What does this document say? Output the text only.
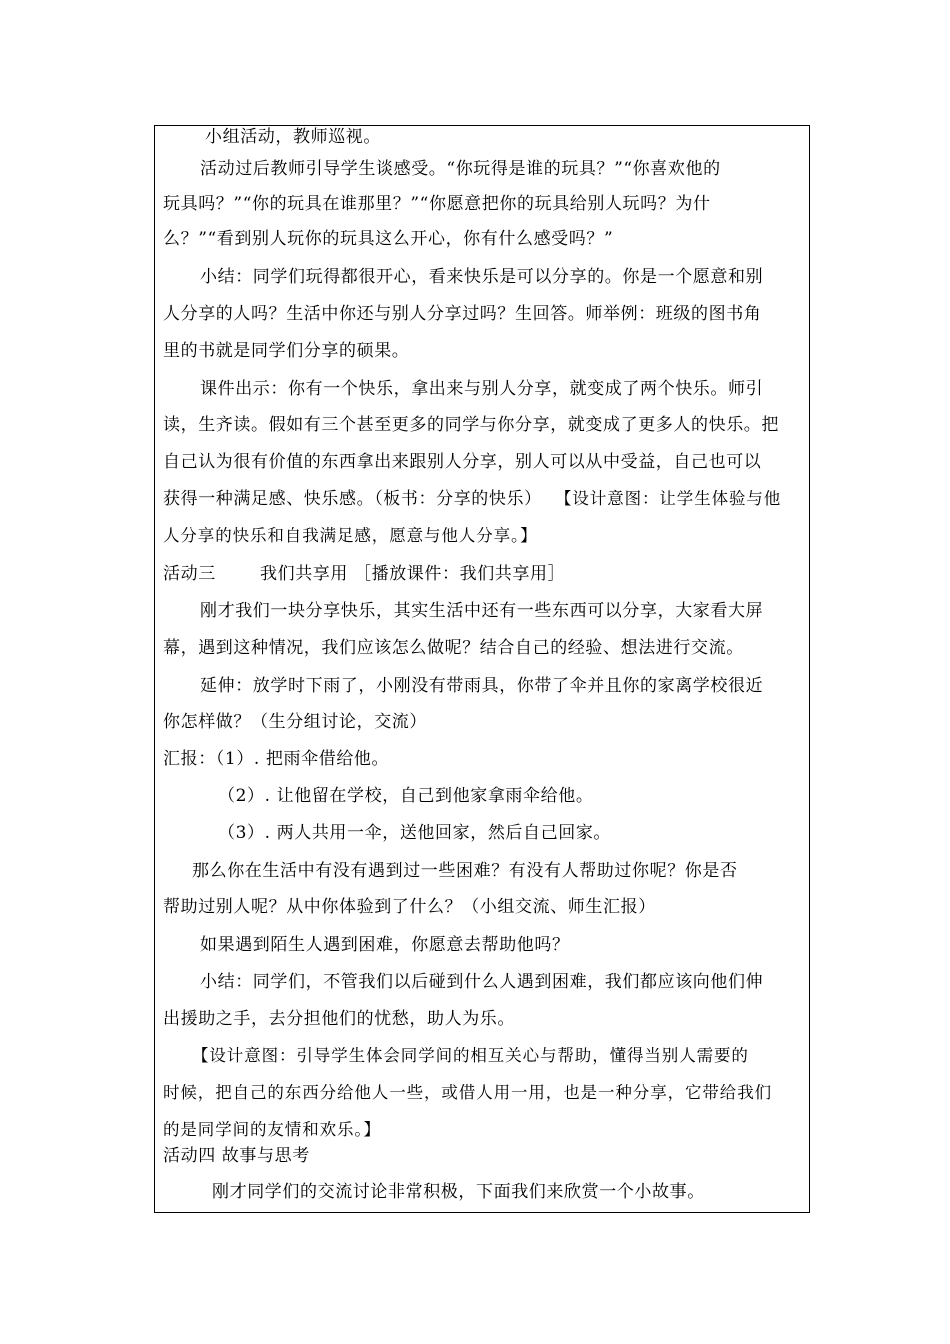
小组活动，教师巡视。
活动过后教师引导学生谈感受。“你玩得是谁的玩具？”“你喜欢他的
玩具吗？”“你的玩具在谁那里？”“你愿意把你的玩具给别人玩吗？为什
么？”“看到别人玩你的玩具这么开心，你有什么感受吗？”
小结：同学们玩得都很开心，看来快乐是可以分享的。你是一个愿意和别
人分享的人吗？生活中你还与别人分享过吗？生回答。师举例：班级的图书角
里的书就是同学们分享的硕果。
课件出示：你有一个快乐，拿出来与别人分享，就变成了两个快乐。师引
读，生齐读。假如有三个甚至更多的同学与你分享，就变成了更多人的快乐。把
自己认为很有价值的东西拿出来跟别人分享，别人可以从中受益，自己也可以
获得一种满足感、快乐感。（板书：分享的快乐） 【设计意图：让学生体验与他
人分享的快乐和自我满足感，愿意与他人分享。】
活动三	我们共享用 ［播放课件：我们共享用］
刚才我们一块分享快乐，其实生活中还有一些东西可以分享，大家看大屏
幕，遇到这种情况，我们应该怎么做呢？结合自己的经验、想法进行交流。
延伸：放学时下雨了，小刚没有带雨具，你带了伞并且你的家离学校很近
你怎样做？（生分组讨论，交流）
汇报：（1）. 把雨伞借给他。
（2）. 让他留在学校，自己到他家拿雨伞给他。
（3）. 两人共用一伞，送他回家，然后自己回家。
那么你在生活中有没有遇到过一些困难？有没有人帮助过你呢？你是否
帮助过别人呢？从中你体验到了什么？（小组交流、师生汇报）
如果遇到陌生人遇到困难，你愿意去帮助他吗？
小结：同学们，不管我们以后碰到什么人遇到困难，我们都应该向他们伸
出援助之手，去分担他们的忧愁，助人为乐。
【设计意图：引导学生体会同学间的相互关心与帮助，懂得当别人需要的
时候，把自己的东西分给他人一些，或借人用一用，也是一种分享，它带给我们
的是同学间的友情和欢乐。】
活动四 故事与思考
刚才同学们的交流讨论非常积极，下面我们来欣赏一个小故事。
